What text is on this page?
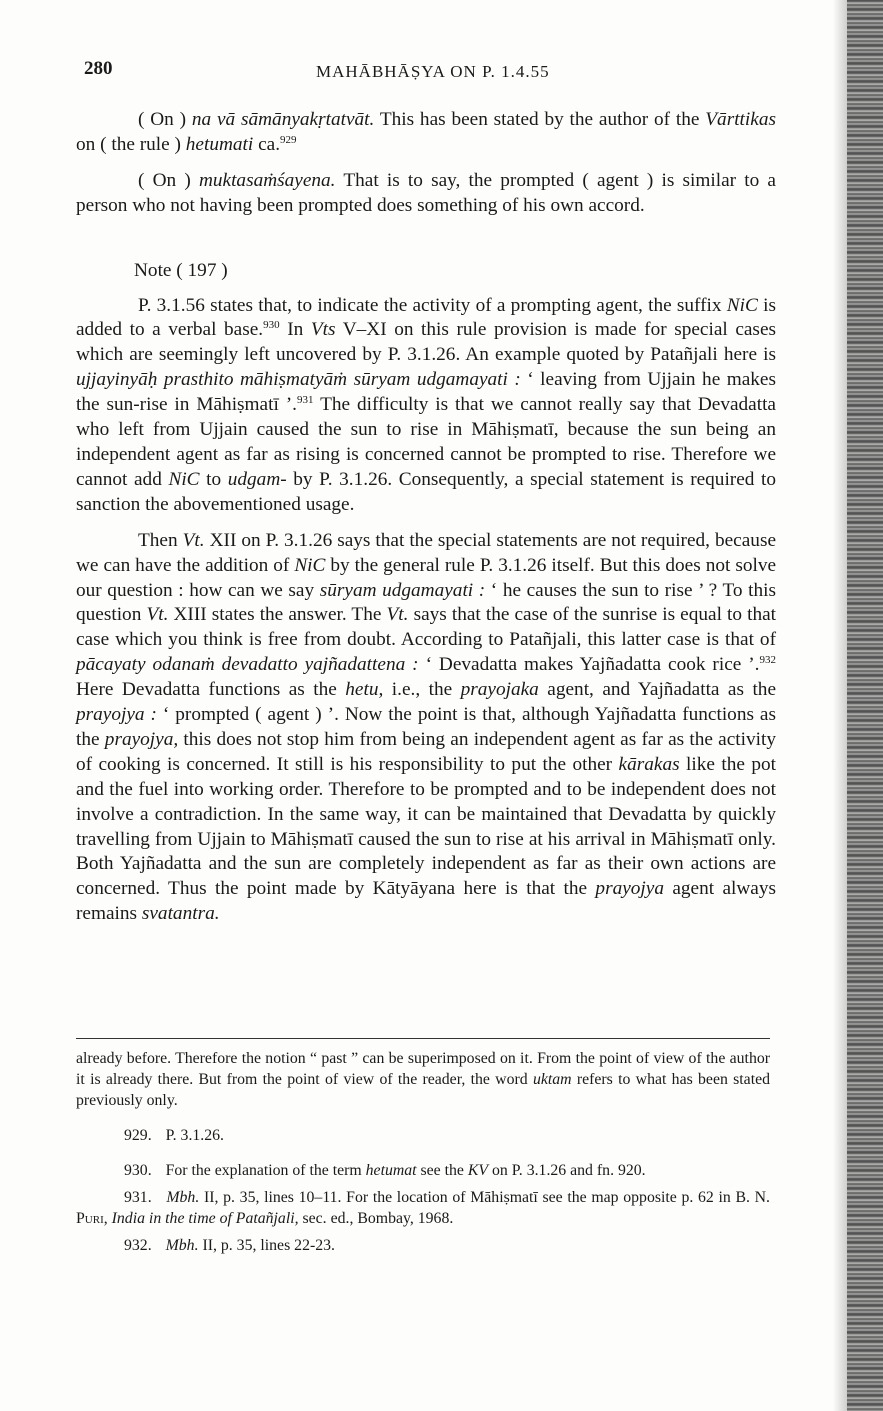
280	MAHĀBHĀṢYA ON P. 1.4.55

( On ) na vā sāmānyakṛtatvāt. This has been stated by the author of the Vārttikas on ( the rule ) hetumati ca.$^{929}$

( On ) muktasaṁśayena. That is to say, the prompted ( agent ) is similar to a person who not having been prompted does something of his own accord.

Note ( 197 )

P. 3.1.56 states that, to indicate the activity of a prompting agent, the suffix NiC is added to a verbal base.$^{930}$ In Vts V–XI on this rule provision is made for special cases which are seemingly left uncovered by P. 3.1.26. An example quoted by Patañjali here is ujjayinyāḥ prasthito māhiṣmatyāṁ sūryam udgamayati : ‘ leaving from Ujjain he makes the sun-rise in Māhiṣmatī ’.$^{931}$ The difficulty is that we cannot really say that Devadatta who left from Ujjain caused the sun to rise in Māhiṣmatī, because the sun being an independent agent as far as rising is concerned cannot be prompted to rise. Therefore we cannot add NiC to udgam- by P. 3.1.26. Consequently, a special statement is required to sanction the abovementioned usage.

Then Vt. XII on P. 3.1.26 says that the special statements are not required, because we can have the addition of NiC by the general rule P. 3.1.26 itself. But this does not solve our question : how can we say sūryam udgamayati : ‘ he causes the sun to rise ’ ? To this question Vt. XIII states the answer. The Vt. says that the case of the sunrise is equal to that case which you think is free from doubt. According to Patañjali, this latter case is that of pācayaty odanaṁ devadatto yajñadattena : ‘ Devadatta makes Yajñadatta cook rice ’.$^{932}$ Here Devadatta functions as the hetu, i.e., the prayojaka agent, and Yajñadatta as the prayojya : ‘ prompted ( agent ) ’. Now the point is that, although Yajñadatta functions as the prayojya, this does not stop him from being an independent agent as far as the activity of cooking is concerned. It still is his responsibility to put the other kārakas like the pot and the fuel into working order. Therefore to be prompted and to be independent does not involve a contradiction. In the same way, it can be maintained that Devadatta by quickly travelling from Ujjain to Māhiṣmatī caused the sun to rise at his arrival in Māhiṣmatī only. Both Yajñadatta and the sun are completely independent as far as their own actions are concerned. Thus the point made by Kātyāyana here is that the prayojya agent always remains svatantra.

already before. Therefore the notion “ past ” can be superimposed on it. From the point of view of the author it is already there. But from the point of view of the reader, the word uktam refers to what has been stated previously only.

929. P. 3.1.26.

930. For the explanation of the term hetumat see the KV on P. 3.1.26 and fn. 920.

931. Mbh. II, p. 35, lines 10–11. For the location of Māhiṣmatī see the map opposite p. 62 in B. N. Puri, India in the time of Patañjali, sec. ed., Bombay, 1968.

932. Mbh. II, p. 35, lines 22-23.
